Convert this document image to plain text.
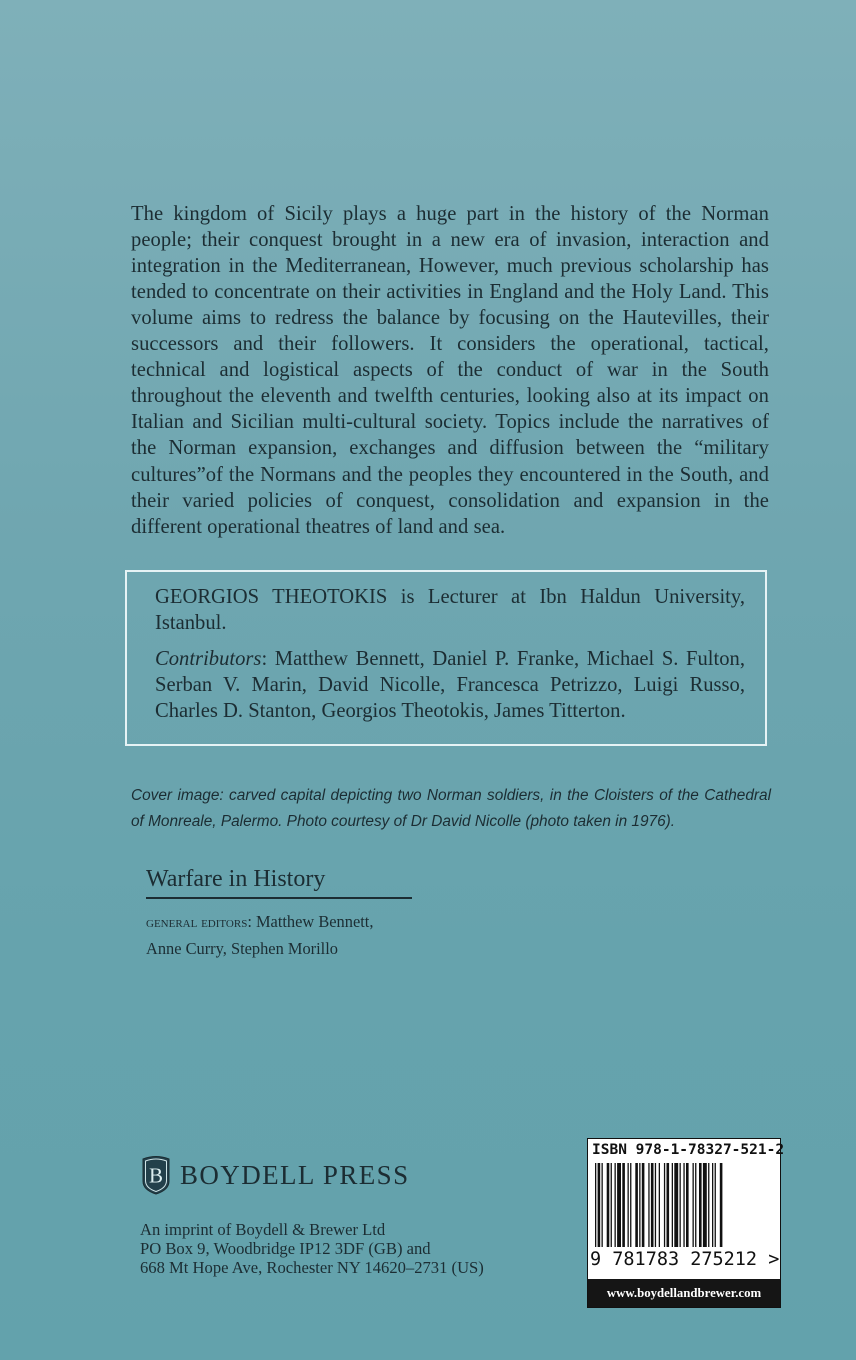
The kingdom of Sicily plays a huge part in the history of the Norman people; their conquest brought in a new era of invasion, interaction and integration in the Mediterranean, However, much previous scholarship has tended to concentrate on their activities in England and the Holy Land. This volume aims to redress the balance by focusing on the Hautevilles, their successors and their followers. It considers the operational, tactical, technical and logistical aspects of the conduct of war in the South throughout the eleventh and twelfth centuries, looking also at its impact on Italian and Sicilian multi-cultural society. Topics include the narratives of the Norman expansion, exchanges and diffusion between the “military cultures”of the Normans and the peoples they encountered in the South, and their varied policies of conquest, consolidation and expansion in the different operational theatres of land and sea.

GEORGIOS THEOTOKIS is Lecturer at Ibn Haldun University, Istanbul.

Contributors: Matthew Bennett, Daniel P. Franke, Michael S. Fulton, Serban V. Marin, David Nicolle, Francesca Petrizzo, Luigi Russo, Charles D. Stanton, Georgios Theotokis, James Titterton.

Cover image: carved capital depicting two Norman soldiers, in the Cloisters of the Cathedral of Monreale, Palermo. Photo courtesy of Dr David Nicolle (photo taken in 1976).

Warfare in History
general editors: Matthew Bennett,
Anne Curry, Stephen Morillo
B BOYDELL PRESS
An imprint of Boydell & Brewer Ltd
PO Box 9, Woodbridge IP12 3DF (GB) and
668 Mt Hope Ave, Rochester NY 14620–2731 (US)
ISBN 978-1-78327-521-2
9 781783 275212 >
www.boydellandbrewer.com
